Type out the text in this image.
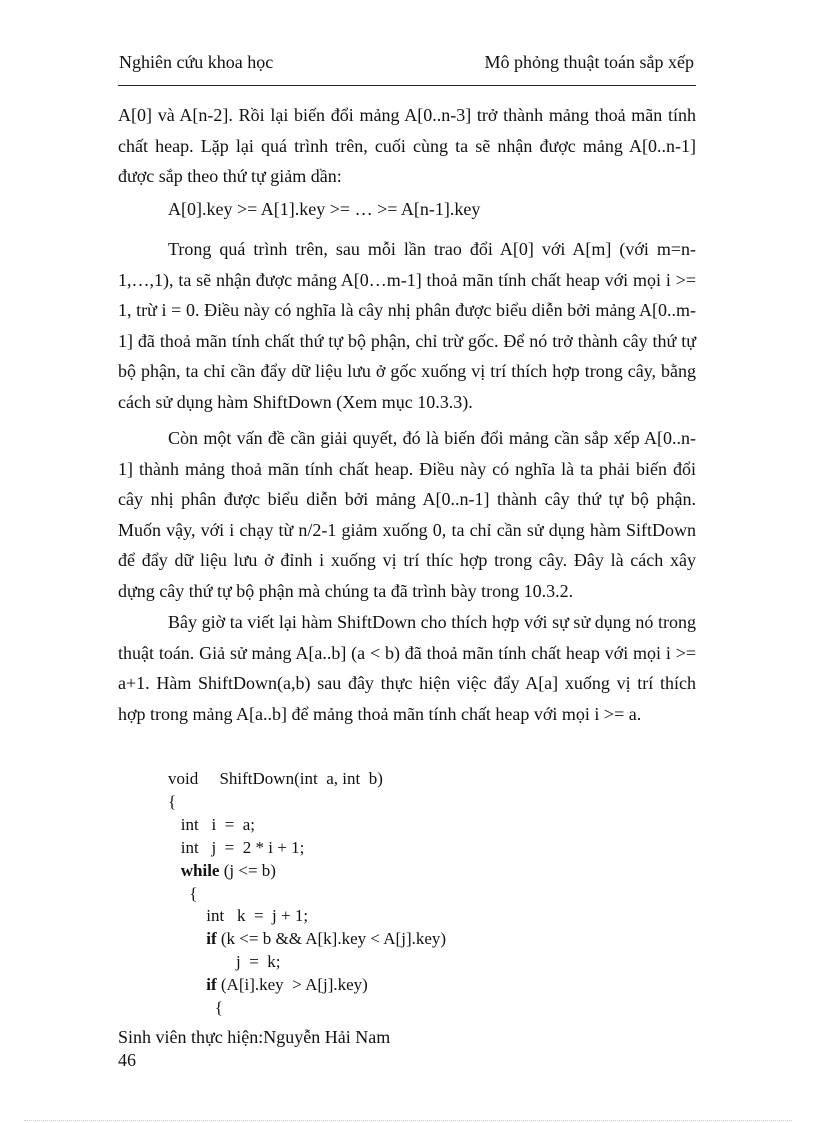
Nghiên cứu khoa học	Mô phỏng thuật toán sắp xếp

A[0] và A[n-2]. Rồi lại biến đổi mảng A[0..n-3] trở thành mảng thoả mãn tính chất heap. Lặp lại quá trình trên, cuối cùng ta sẽ nhận được mảng A[0..n-1] được sắp theo thứ tự giảm dần:

A[0].key >= A[1].key >= … >= A[n-1].key

Trong quá trình trên, sau mỗi lần trao đổi A[0] với A[m] (với m=n-1,…,1), ta sẽ nhận được mảng A[0…m-1] thoả mãn tính chất heap với mọi i >= 1, trừ i = 0. Điều này có nghĩa là cây nhị phân được biểu diễn bởi mảng A[0..m-1] đã thoả mãn tính chất thứ tự bộ phận, chỉ trừ gốc. Để nó trở thành cây thứ tự bộ phận, ta chỉ cần đẩy dữ liệu lưu ở gốc xuống vị trí thích hợp trong cây, bằng cách sử dụng hàm ShiftDown (Xem mục 10.3.3).

Còn một vấn đề cần giải quyết, đó là biến đổi mảng cần sắp xếp A[0..n-1] thành mảng thoả mãn tính chất heap. Điều này có nghĩa là ta phải biến đổi cây nhị phân được biểu diễn bởi mảng A[0..n-1] thành cây thứ tự bộ phận. Muốn vậy, với i chạy từ n/2-1 giảm xuống 0, ta chỉ cần sử dụng hàm SiftDown để đẩy dữ liệu lưu ở đỉnh i xuống vị trí thíc hợp trong cây. Đây là cách xây dựng cây thứ tự bộ phận mà chúng ta đã trình bày trong 10.3.2.

Bây giờ ta viết lại hàm ShiftDown cho thích hợp với sự sử dụng nó trong thuật toán. Giả sử mảng A[a..b] (a < b) đã thoả mãn tính chất heap với mọi i >= a+1. Hàm ShiftDown(a,b) sau đây thực hiện việc đẩy A[a] xuống vị trí thích hợp trong mảng A[a..b] để mảng thoả mãn tính chất heap với mọi i >= a.

void     ShiftDown(int  a, int  b)
{
int   i  =  a;
int   j  =  2 * i + 1;
while (j <= b)
{
int   k  =  j + 1;
if (k <= b && A[k].key < A[j].key)
j  =  k;
if (A[i].key  > A[j].key)
{
Sinh viên thực hiện:Nguyễn Hải Nam
46
